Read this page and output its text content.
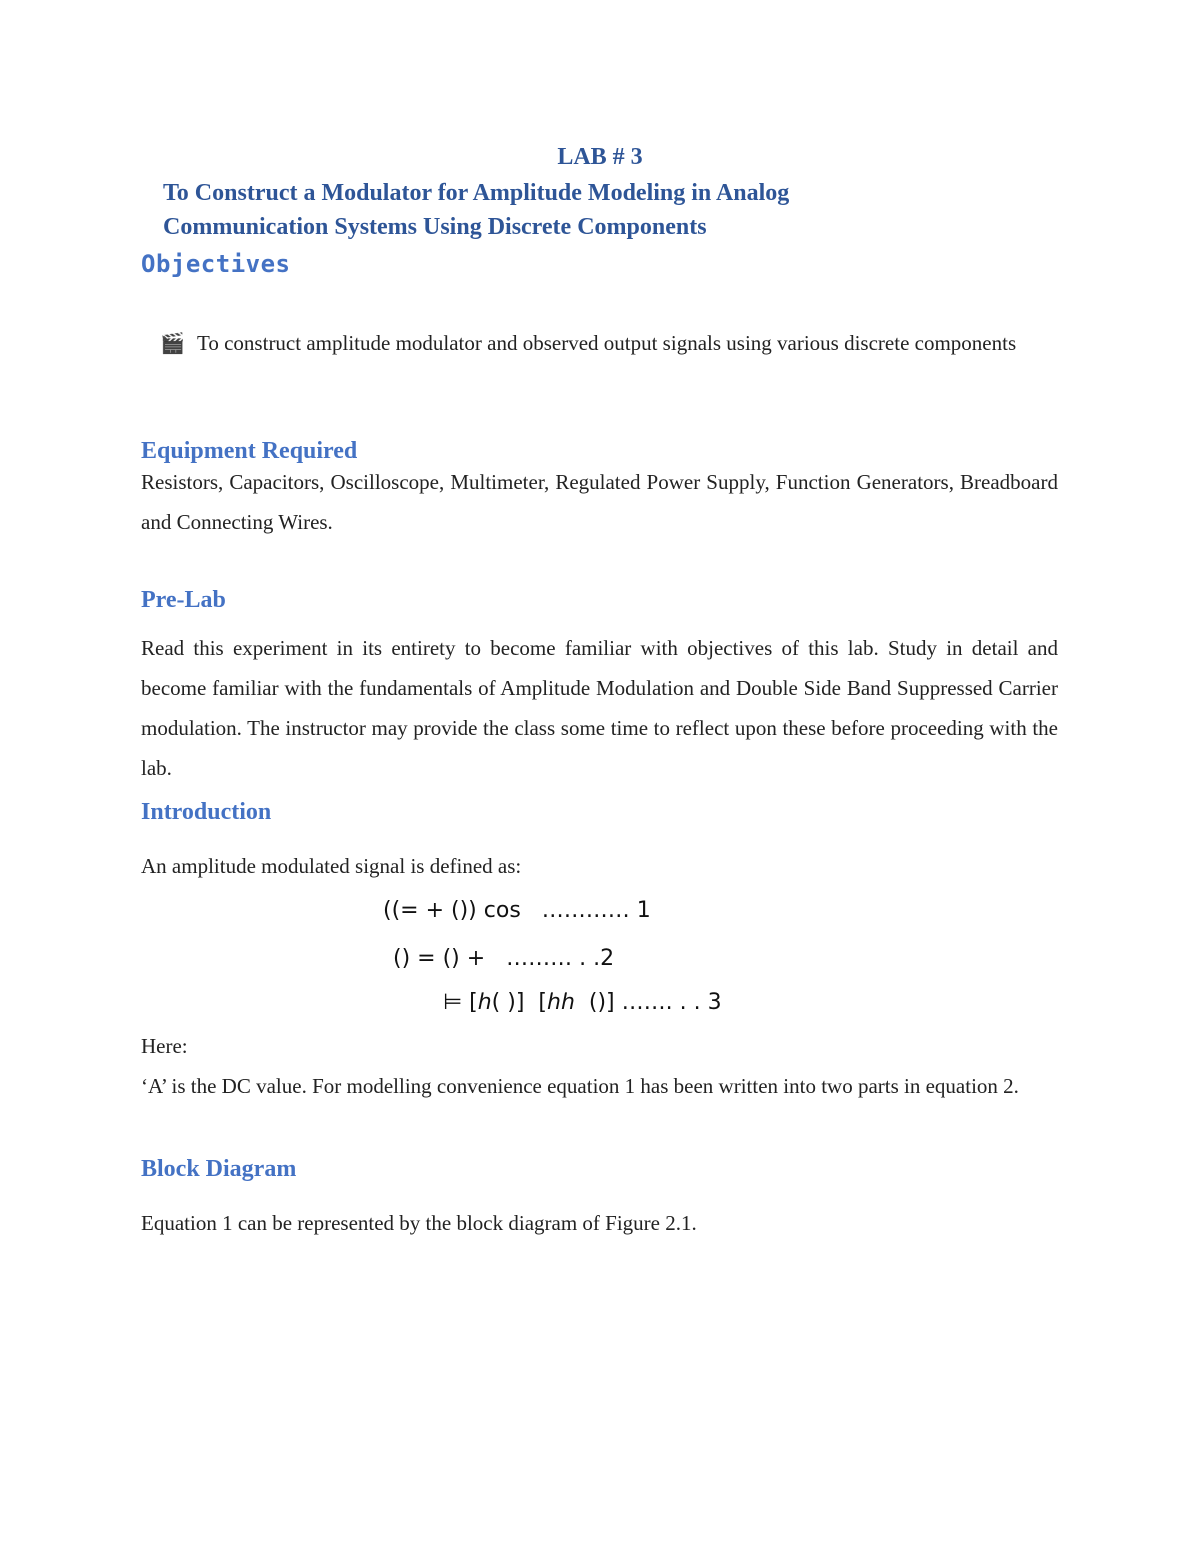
LAB # 3
To Construct a Modulator for Amplitude Modeling in Analog
Communication Systems Using Discrete Components
Objectives
🎬 To construct amplitude modulator and observed output signals using various discrete components
Equipment Required
Resistors, Capacitors, Oscilloscope, Multimeter, Regulated Power Supply, Function Generators, Breadboard and Connecting Wires.
Pre-Lab
Read this experiment in its entirety to become familiar with objectives of this lab. Study in detail and become familiar with the fundamentals of Amplitude Modulation and Double Side Band Suppressed Carrier modulation. The instructor may provide the class some time to reflect upon these before proceeding with the lab.
Introduction
An amplitude modulated signal is defined as:
((= + ()) cos   ………… 1
() = () +   ……… . .2
⊨ [ℎ( )]  [ℎℎ  ()] ……. . . 3
Here:
‘A’ is the DC value. For modelling convenience equation 1 has been written into two parts in equation 2.
Block Diagram
Equation 1 can be represented by the block diagram of Figure 2.1.
